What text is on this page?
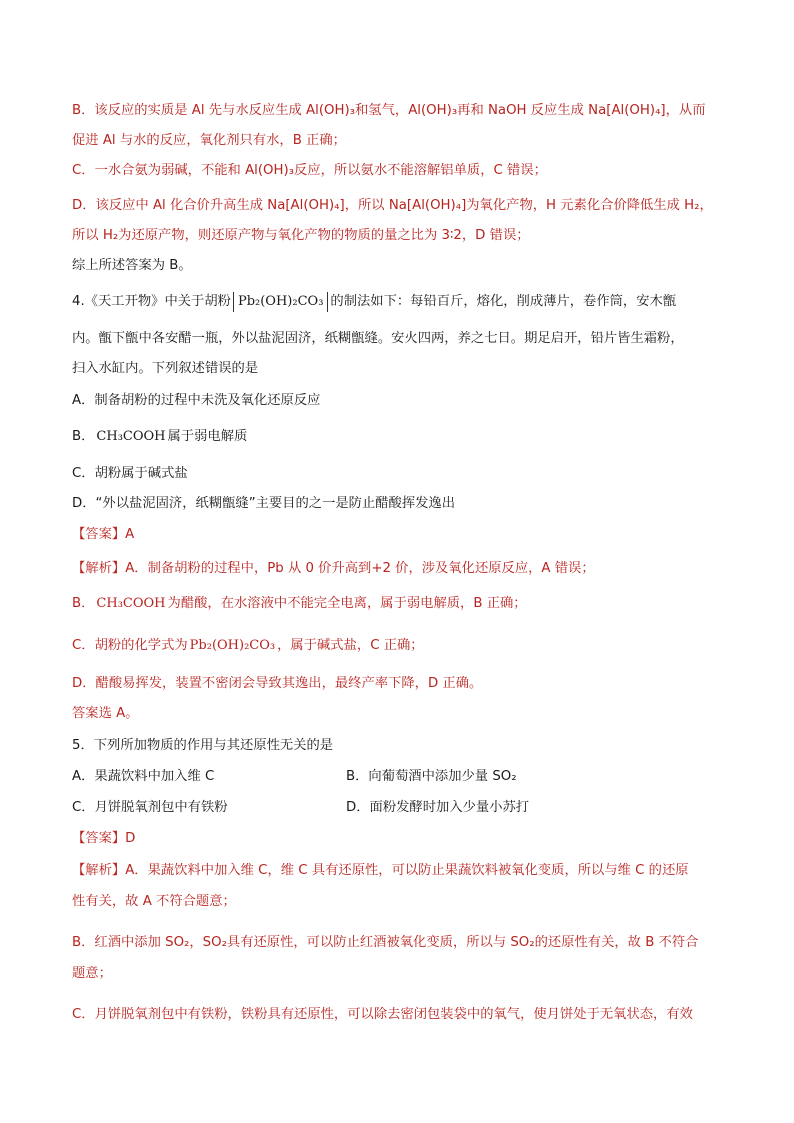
B．该反应的实质是 Al 先与水反应生成 Al(OH)₃和氢气，Al(OH)₃再和 NaOH 反应生成 Na[Al(OH)₄]，从而
促进 Al 与水的反应，氧化剂只有水，B 正确；
C．一水合氨为弱碱，不能和 Al(OH)₃反应，所以氨水不能溶解铝单质，C 错误；
D．该反应中 Al 化合价升高生成 Na[Al(OH)₄]，所以 Na[Al(OH)₄]为氧化产物，H 元素化合价降低生成 H₂，
所以 H₂为还原产物，则还原产物与氧化产物的物质的量之比为 3∶2，D 错误；
综上所述答案为 B。
4.《天工开物》中关于胡粉 Pb₂(OH)₂CO₃ 的制法如下：每铅百斤，熔化，削成薄片，卷作筒，安木甑
内。甑下甑中各安醋一瓶，外以盐泥固济，纸糊甑缝。安火四两，养之七日。期足启开，铅片皆生霜粉，
扫入水缸内。下列叙述错误的是
A．制备胡粉的过程中未洗及氧化还原反应
B． CH₃COOH 属于弱电解质
C．胡粉属于碱式盐
D．“外以盐泥固济，纸糊甑缝”主要目的之一是防止醋酸挥发逸出
【答案】A
【解析】A．制备胡粉的过程中，Pb 从 0 价升高到+2 价，涉及氧化还原反应，A 错误；
B． CH₃COOH 为醋酸，在水溶液中不能完全电离，属于弱电解质，B 正确；
C．胡粉的化学式为 Pb₂(OH)₂CO₃ ，属于碱式盐，C 正确；
D．醋酸易挥发，装置不密闭会导致其逸出，最终产率下降，D 正确。
答案选 A。
5．下列所加物质的作用与其还原性无关的是
A．果蔬饮料中加入维 C	B．向葡萄酒中添加少量 SO₂
C．月饼脱氧剂包中有铁粉	D．面粉发酵时加入少量小苏打
【答案】D
【解析】A．果蔬饮料中加入维 C，维 C 具有还原性，可以防止果蔬饮料被氧化变质，所以与维 C 的还原
性有关，故 A 不符合题意；
B．红酒中添加 SO₂，SO₂具有还原性，可以防止红酒被氧化变质，所以与 SO₂的还原性有关，故 B 不符合
题意；
C．月饼脱氧剂包中有铁粉，铁粉具有还原性，可以除去密闭包装袋中的氧气，使月饼处于无氧状态，有效
